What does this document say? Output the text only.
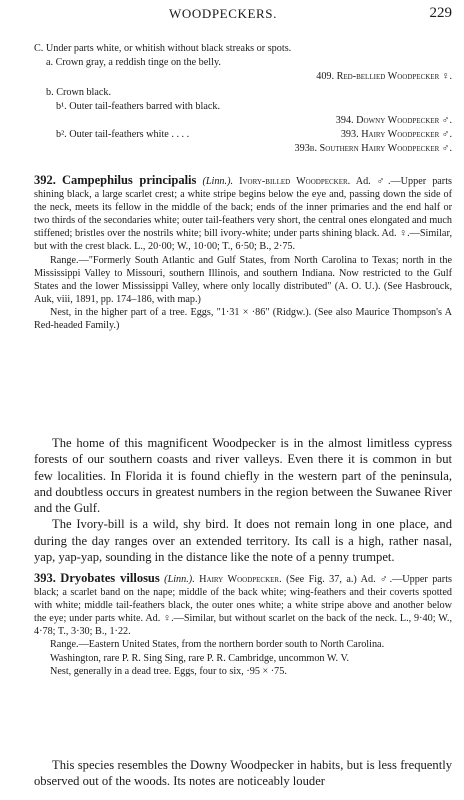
WOODPECKERS.	229
C. Under parts white, or whitish without black streaks or spots.
a. Crown gray, a reddish tinge on the belly.
409. Red-bellied Woodpecker ♀.
b. Crown black.
b¹. Outer tail-feathers barred with black.
394. Downy Woodpecker ♂.
b². Outer tail-feathers white . . . .	393. Hairy Woodpecker ♂.
393b. Southern Hairy Woodpecker ♂.

392. Campephilus principalis (Linn.). Ivory-billed Woodpecker. Ad. ♂.—Upper parts shining black, a large scarlet crest; a white stripe begins below the eye and, passing down the side of the neck, meets its fellow in the middle of the back; ends of the inner primaries and the end half or two thirds of the secondaries white; outer tail-feathers very short, the central ones elongated and much stiffened; bristles over the nostrils white; bill ivory-white; under parts shining black. Ad. ♀.—Similar, but with the crest black. L., 20·00; W., 10·00; T., 6·50; B., 2·75.

Range.—"Formerly South Atlantic and Gulf States, from North Carolina to Texas; north in the Mississippi Valley to Missouri, southern Illinois, and southern Indiana. Now restricted to the Gulf States and the lower Mississippi Valley, where only locally distributed" (A. O. U.). (See Hasbrouck, Auk, viii, 1891, pp. 174–186, with map.)

Nest, in the higher part of a tree. Eggs, "1·31 × ·86" (Ridgw.). (See also Maurice Thompson's A Red-headed Family.)

The home of this magnificent Woodpecker is in the almost limitless cypress forests of our southern coasts and river valleys. Even there it is common in but few localities. In Florida it is found chiefly in the western part of the peninsula, and doubtless occurs in greatest numbers in the region between the Suwanee River and the Gulf.

The Ivory-bill is a wild, shy bird. It does not remain long in one place, and during the day ranges over an extended territory. Its call is a high, rather nasal, yap, yap-yap, sounding in the distance like the note of a penny trumpet.

393. Dryobates villosus (Linn.). Hairy Woodpecker. (See Fig. 37, a.) Ad. ♂.—Upper parts black; a scarlet band on the nape; middle of the back white; wing-feathers and their coverts spotted with white; middle tail-feathers black, the outer ones white; a white stripe above and another below the eye; under parts white. Ad. ♀.—Similar, but without scarlet on the back of the neck. L., 9·40; W., 4·78; T., 3·30; B., 1·22.

Range.—Eastern United States, from the northern border south to North Carolina.

Washington, rare P. R. Sing Sing, rare P. R. Cambridge, uncommon W. V.

Nest, generally in a dead tree. Eggs, four to six, ·95 × ·75.

This species resembles the Downy Woodpecker in habits, but is less frequently observed out of the woods. Its notes are noticeably louder
